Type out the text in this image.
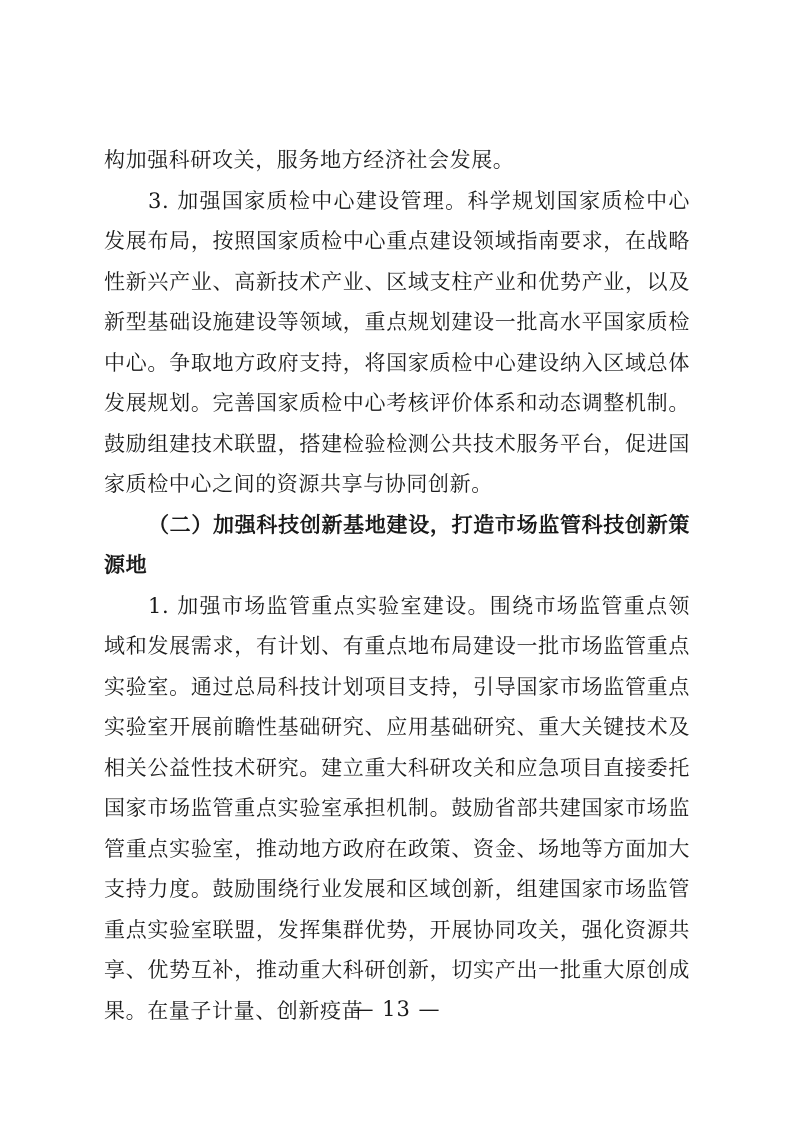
构加强科研攻关，服务地方经济社会发展。

3. 加强国家质检中心建设管理。科学规划国家质检中心发展布局，按照国家质检中心重点建设领域指南要求，在战略性新兴产业、高新技术产业、区域支柱产业和优势产业，以及新型基础设施建设等领域，重点规划建设一批高水平国家质检中心。争取地方政府支持，将国家质检中心建设纳入区域总体发展规划。完善国家质检中心考核评价体系和动态调整机制。鼓励组建技术联盟，搭建检验检测公共技术服务平台，促进国家质检中心之间的资源共享与协同创新。

（二）加强科技创新基地建设，打造市场监管科技创新策源地

1. 加强市场监管重点实验室建设。围绕市场监管重点领域和发展需求，有计划、有重点地布局建设一批市场监管重点实验室。通过总局科技计划项目支持，引导国家市场监管重点实验室开展前瞻性基础研究、应用基础研究、重大关键技术及相关公益性技术研究。建立重大科研攻关和应急项目直接委托国家市场监管重点实验室承担机制。鼓励省部共建国家市场监管重点实验室，推动地方政府在政策、资金、场地等方面加大支持力度。鼓励围绕行业发展和区域创新，组建国家市场监管重点实验室联盟，发挥集群优势，开展协同攻关，强化资源共享、优势互补，推动重大科研创新，切实产出一批重大原创成果。在量子计量、创新疫苗

— 13 —
